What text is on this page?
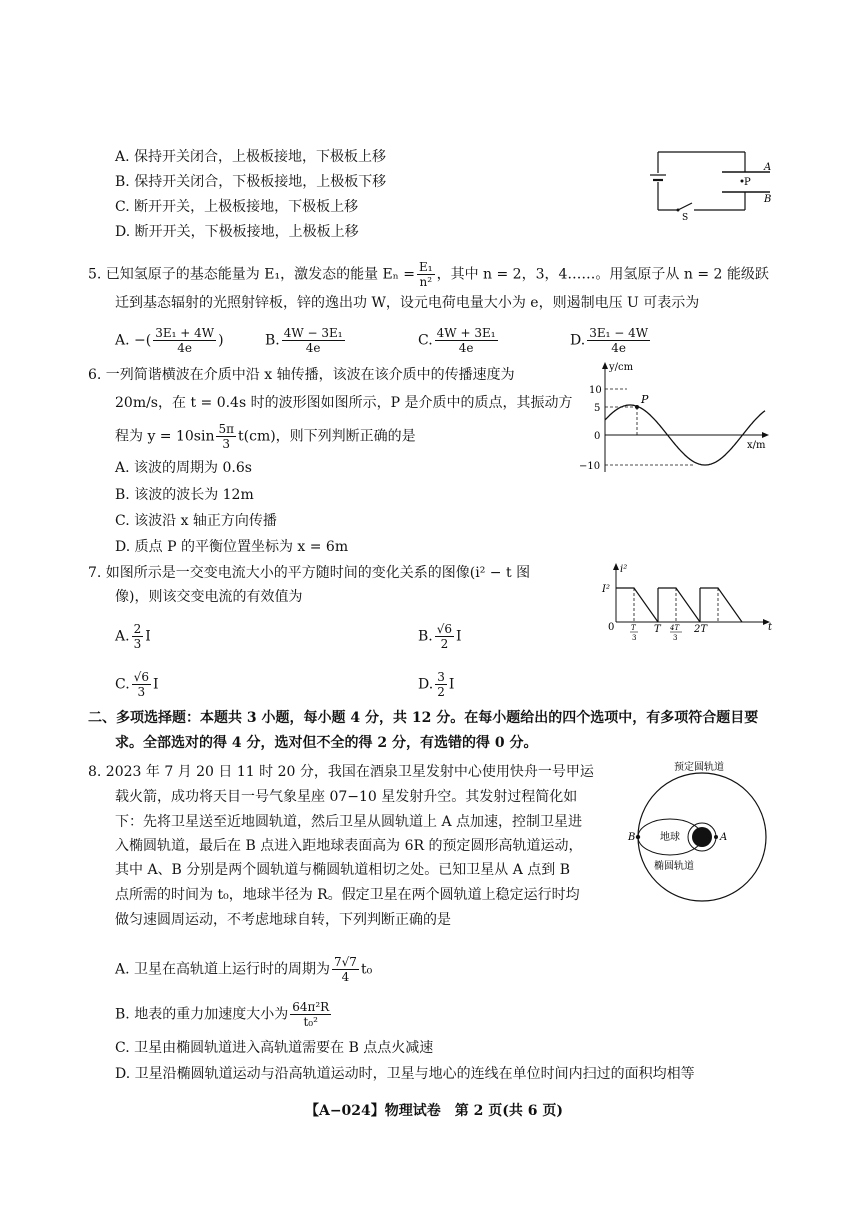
A. 保持开关闭合，上极板接地，下极板上移
B. 保持开关闭合，下极板接地，上极板下移
C. 断开开关，上极板接地，下极板上移
D. 断开开关，下极板接地，上极板上移
P
A
B
S
5. 已知氢原子的基态能量为 E₁，激发态的能量 $E_n = \frac{\text{E₁}}{\text{n²}}$ ，其中 n = 2，3，4……。用氢原子从 n = 2 能级跃
迁到基态辐射的光照射锌板，锌的逸出功 W，设元电荷电量大小为 e，则遏制电压 U 可表示为
A. −( $\frac{\text{3E₁ + 4W}}{4e}$ )	B. $\frac{\text{4W − 3E₁}}{4e}$	C. $\frac{\text{4W + 3E₁}}{4e}$	D. $\frac{\text{3E₁ − 4W}}{4e}$
6. 一列简谐横波在介质中沿 x 轴传播，该波在该介质中的传播速度为
20m/s，在 t = 0.4s 时的波形图如图所示，P 是介质中的质点，其振动方
程为 $y = 10\sin \frac{5\pi}{3} t(cm)$，则下列判断正确的是
A. 该波的周期为 0.6s
B. 该波的波长为 12m
C. 该波沿 x 轴正方向传播
D. 质点 P 的平衡位置坐标为 x = 6m
P
y/cm
x/m
10
5
0
−10
7. 如图所示是一交变电流大小的平方随时间的变化关系的图像(i² − t 图
像)，则该交变电流的有效值为
A. $\frac{2}{3}$ I	B. $\frac{√6}{2}$ I
C. $\frac{√6}{3}$ I	D. $\frac{3}{2}$ I
i²
I²
0	t
T
3
T 4T
3
2T
二、多项选择题：本题共 3 小题，每小题 4 分，共 12 分。在每小题给出的四个选项中，有多项符合题目要
求。全部选对的得 4 分，选对但不全的得 2 分，有选错的得 0 分。
8. 2023 年 7 月 20 日 11 时 20 分，我国在酒泉卫星发射中心使用快舟一号甲运
载火箭，成功将天目一号气象星座 07−10 星发射升空。其发射过程简化如
下：先将卫星送至近地圆轨道，然后卫星从圆轨道上 A 点加速，控制卫星进
入椭圆轨道，最后在 B 点进入距地球表面高为 6R 的预定圆形高轨道运动，
其中 A、B 分别是两个圆轨道与椭圆轨道相切之处。已知卫星从 A 点到 B
点所需的时间为 t₀，地球半径为 R。假定卫星在两个圆轨道上稳定运行时均
做匀速圆周运动，不考虑地球自转，下列判断正确的是
A. 卫星在高轨道上运行时的周期为 $\frac{7√7}{4} t_0$
B. 地表的重力加速度大小为 $\frac{\text{64π²R}}{\text{t₀²}}$
C. 卫星由椭圆轨道进入高轨道需要在 B 点点火减速
D. 卫星沿椭圆轨道运动与沿高轨道运动时，卫星与地心的连线在单位时间内扫过的面积均相等
预定圆轨道
B	A
地球
椭圆轨道
【A−024】物理试卷　第 2 页(共 6 页)
